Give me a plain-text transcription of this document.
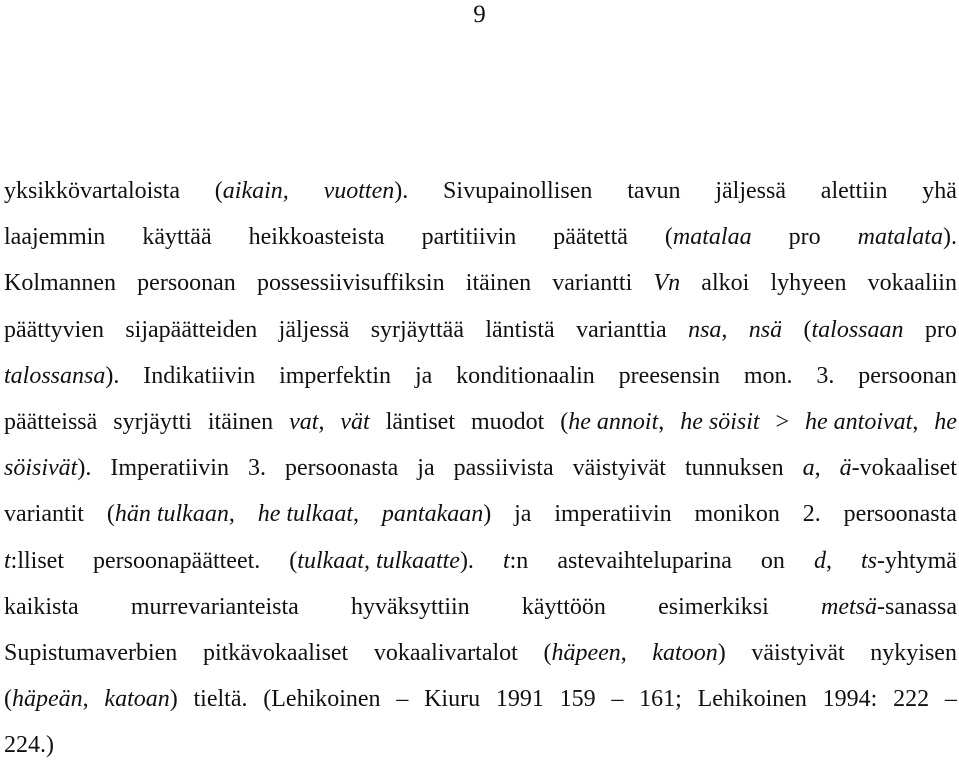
9
yksikkövartaloista (aikain, vuotten). Sivupainollisen tavun jäljessä alettiin yhä
laajemmin käyttää heikkoasteista partitiivin päätettä (matalaa pro matalata).
Kolmannen persoonan possessiivisuffiksin itäinen variantti Vn alkoi lyhyeen vokaaliin
päättyvien sijapäätteiden jäljessä syrjäyttää läntistä varianttia nsa, nsä (talossaan pro
talossansa). Indikatiivin imperfektin ja konditionaalin preesensin mon. 3. persoonan
päätteissä syrjäytti itäinen vat, vät läntiset muodot (he annoit, he söisit > he antoivat, he
söisivät). Imperatiivin 3. persoonasta ja passiivista väistyivät tunnuksen a, ä-vokaaliset
variantit (hän tulkaan, he tulkaat, pantakaan) ja imperatiivin monikon 2. persoonasta
t:lliset persoonapäätteet. (tulkaat, tulkaatte). t:n astevaihteluparina on d, ts-yhtymä
kaikista murrevarianteista hyväksyttiin käyttöön esimerkiksi metsä-sanassa
Supistumaverbien pitkävokaaliset vokaalivartalot (häpeen, katoon) väistyivät nykyisen
(häpeän, katoan) tieltä. (Lehikoinen – Kiuru 1991 159 – 161; Lehikoinen 1994: 222 –
224.)
